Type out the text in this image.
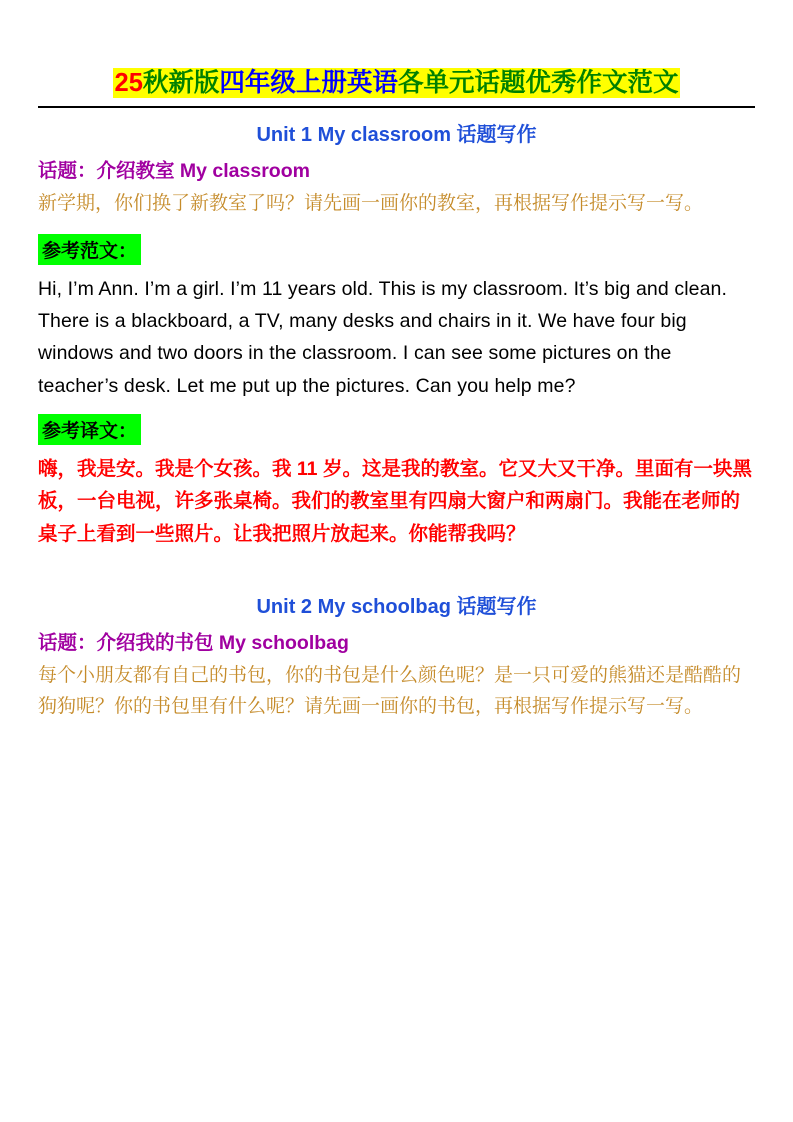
25秋新版四年级上册英语各单元话题优秀作文范文
Unit 1 My classroom 话题写作
话题：介绍教室 My classroom
新学期，你们换了新教室了吗？请先画一画你的教室，再根据写作提示写一写。
参考范文：
Hi, I’m Ann. I’m a girl. I’m 11 years old. This is my classroom. It’s big and clean. There is a blackboard, a TV, many desks and chairs in it. We have four big windows and two doors in the classroom. I can see some pictures on the teacher’s desk. Let me put up the pictures. Can you help me?
参考译文：
嗨，我是安。我是个女孩。我 11 岁。这是我的教室。它又大又干净。里面有一块黑板，一台电视，许多张桌椅。我们的教室里有四扇大窗户和两扇门。我能在老师的桌子上看到一些照片。让我把照片放起来。你能帮我吗？
Unit 2 My schoolbag 话题写作
话题：介绍我的书包 My schoolbag
每个小朋友都有自己的书包，你的书包是什么颜色呢？是一只可爱的熊猫还是酷酷的狗狗呢？你的书包里有什么呢？请先画一画你的书包，再根据写作提示写一写。
